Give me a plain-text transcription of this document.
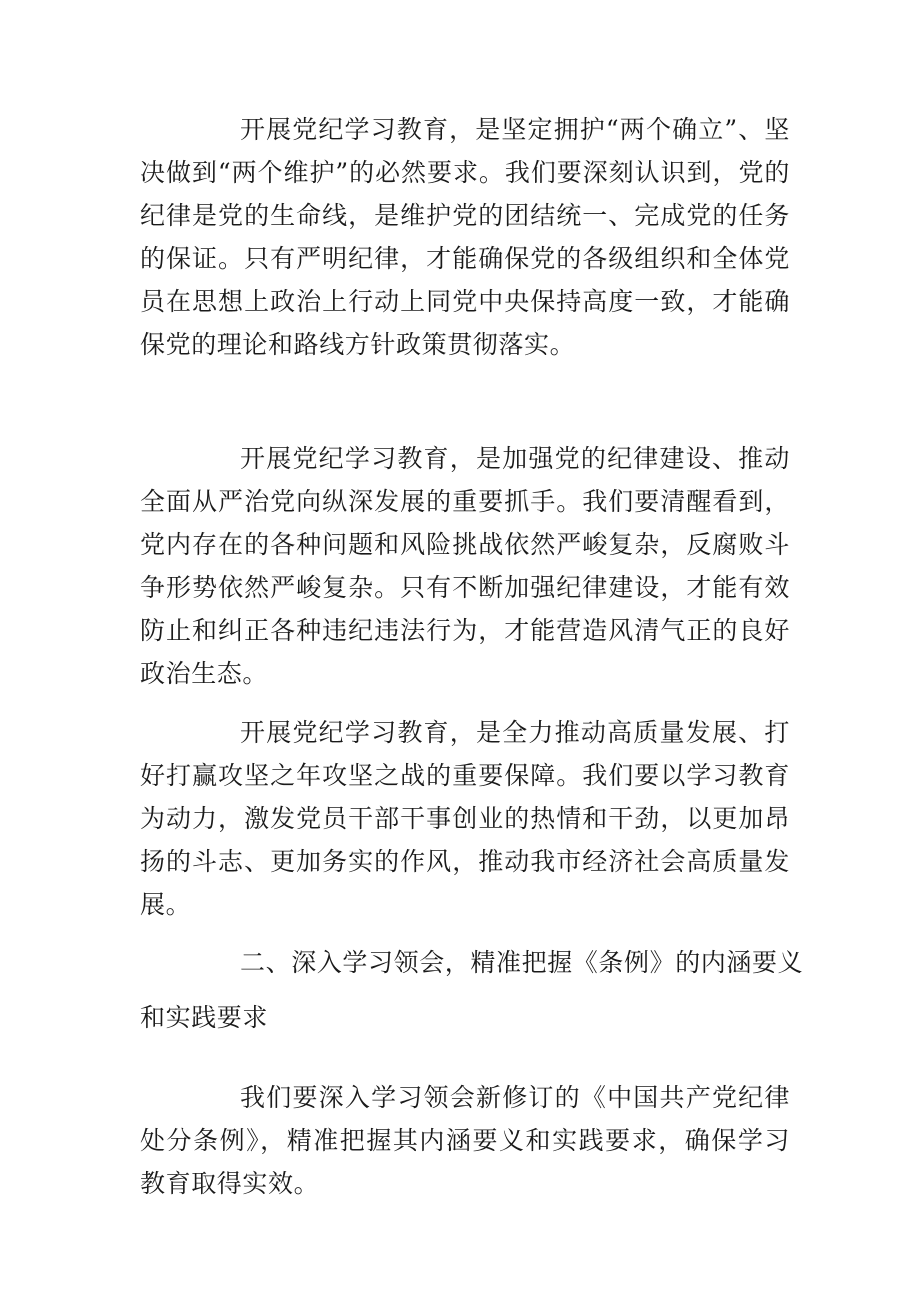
开展党纪学习教育，是坚定拥护“两个确立”、坚决做到“两个维护”的必然要求。我们要深刻认识到，党的纪律是党的生命线，是维护党的团结统一、完成党的任务的保证。只有严明纪律，才能确保党的各级组织和全体党员在思想上政治上行动上同党中央保持高度一致，才能确保党的理论和路线方针政策贯彻落实。

开展党纪学习教育，是加强党的纪律建设、推动全面从严治党向纵深发展的重要抓手。我们要清醒看到，党内存在的各种问题和风险挑战依然严峻复杂，反腐败斗争形势依然严峻复杂。只有不断加强纪律建设，才能有效防止和纠正各种违纪违法行为，才能营造风清气正的良好政治生态。

开展党纪学习教育，是全力推动高质量发展、打好打赢攻坚之年攻坚之战的重要保障。我们要以学习教育为动力，激发党员干部干事创业的热情和干劲，以更加昂扬的斗志、更加务实的作风，推动我市经济社会高质量发展。

二、深入学习领会，精准把握《条例》的内涵要义

和实践要求

我们要深入学习领会新修订的《中国共产党纪律处分条例》，精准把握其内涵要义和实践要求，确保学习教育取得实效。
